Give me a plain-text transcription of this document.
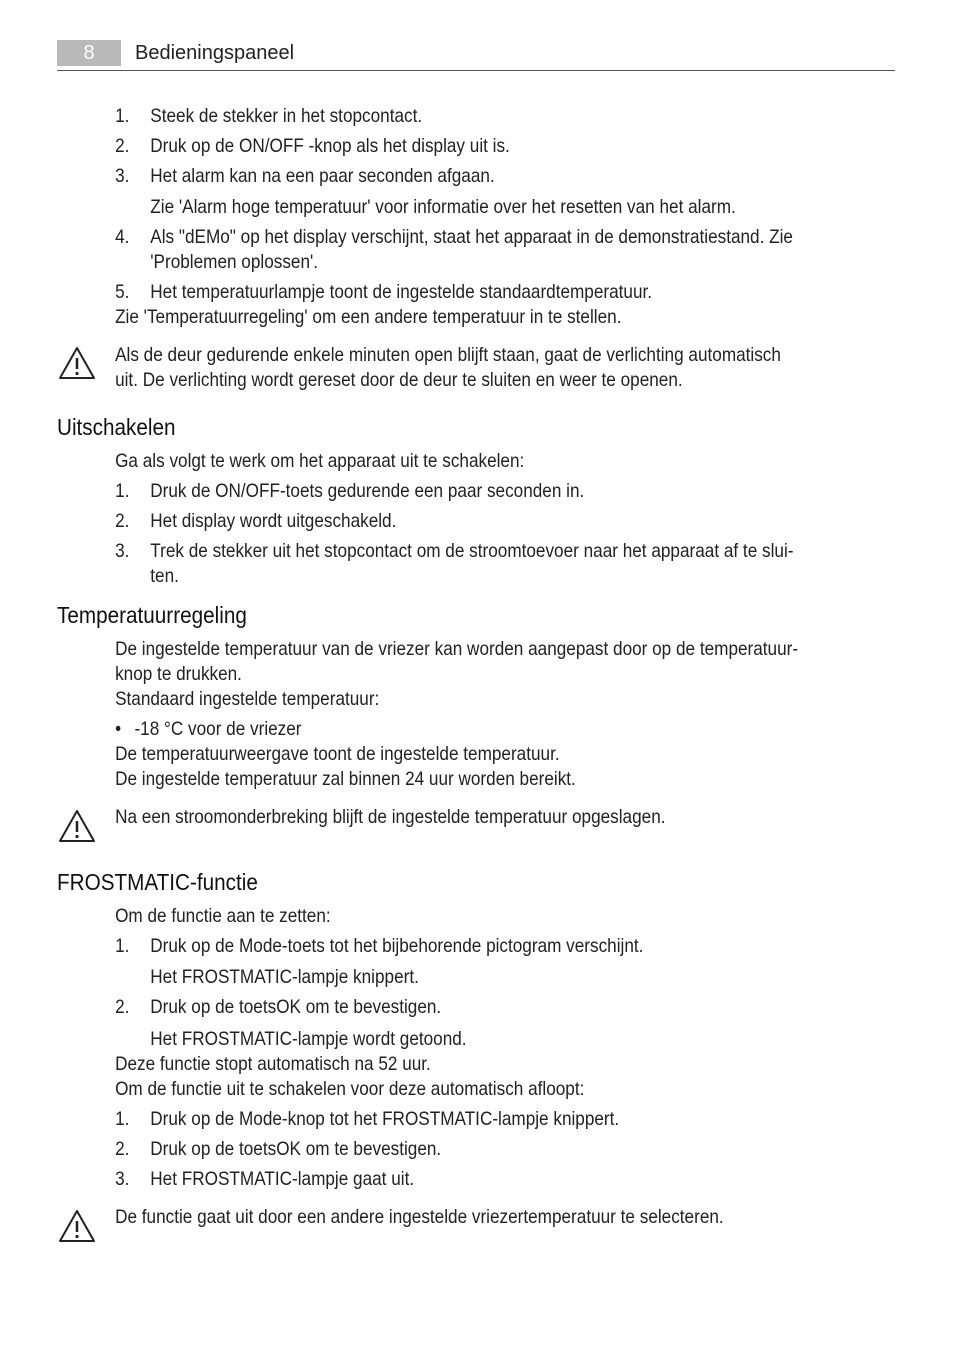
8	Bedieningspaneel
1.	Steek de stekker in het stopcontact.
2.	Druk op de ON/OFF -knop als het display uit is.
3.	Het alarm kan na een paar seconden afgaan.
Zie 'Alarm hoge temperatuur' voor informatie over het resetten van het alarm.
4.	Als "dEMo" op het display verschijnt, staat het apparaat in de demonstratiestand. Zie
'Problemen oplossen'.
5.	Het temperatuurlampje toont de ingestelde standaardtemperatuur.
Zie 'Temperatuurregeling' om een andere temperatuur in te stellen.
Als de deur gedurende enkele minuten open blijft staan, gaat de verlichting automatisch
uit. De verlichting wordt gereset door de deur te sluiten en weer te openen.
Uitschakelen
Ga als volgt te werk om het apparaat uit te schakelen:
1.	Druk de ON/OFF-toets gedurende een paar seconden in.
2.	Het display wordt uitgeschakeld.
3.	Trek de stekker uit het stopcontact om de stroomtoevoer naar het apparaat af te slui-
ten.
Temperatuurregeling
De ingestelde temperatuur van de vriezer kan worden aangepast door op de temperatuur-
knop te drukken.
Standaard ingestelde temperatuur:
• -18 °C voor de vriezer
De temperatuurweergave toont de ingestelde temperatuur.
De ingestelde temperatuur zal binnen 24 uur worden bereikt.
Na een stroomonderbreking blijft de ingestelde temperatuur opgeslagen.
FROSTMATIC-functie
Om de functie aan te zetten:
1.	Druk op de Mode-toets tot het bijbehorende pictogram verschijnt.
Het FROSTMATIC-lampje knippert.
2.	Druk op de toetsOK om te bevestigen.
Het FROSTMATIC-lampje wordt getoond.
Deze functie stopt automatisch na 52 uur.
Om de functie uit te schakelen voor deze automatisch afloopt:
1.	Druk op de Mode-knop tot het FROSTMATIC-lampje knippert.
2.	Druk op de toetsOK om te bevestigen.
3.	Het FROSTMATIC-lampje gaat uit.
De functie gaat uit door een andere ingestelde vriezertemperatuur te selecteren.
